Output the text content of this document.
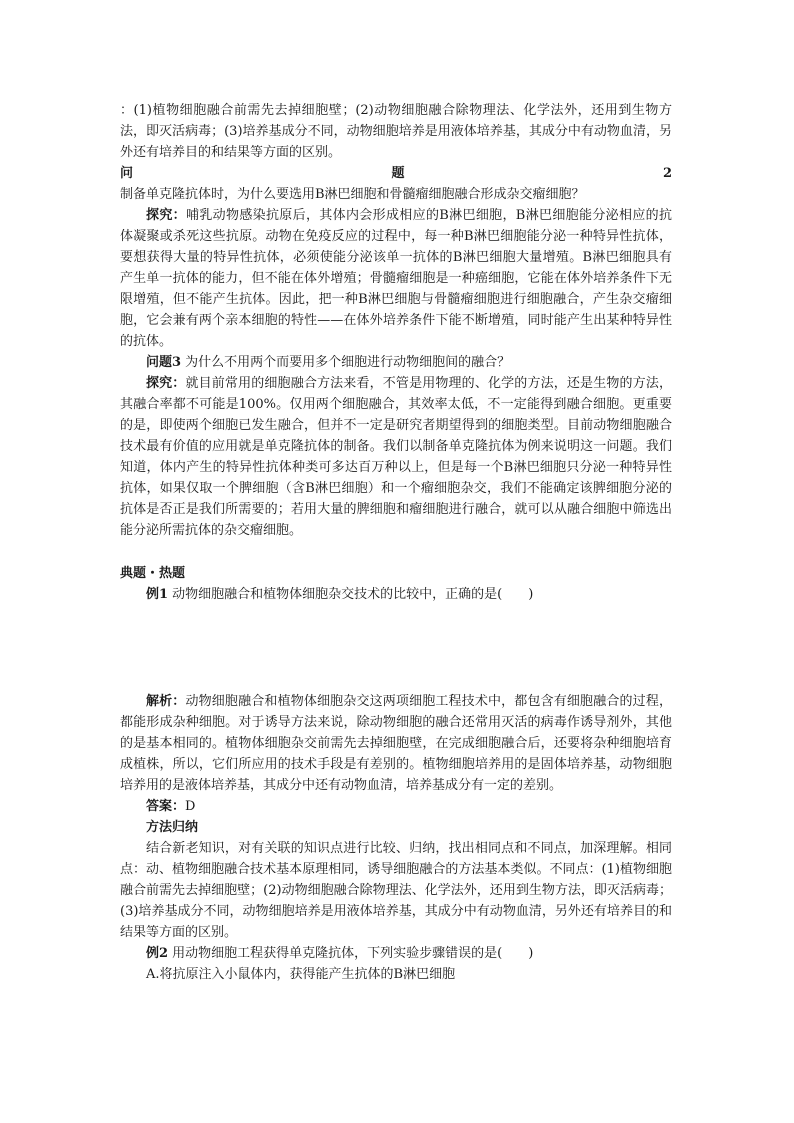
：(1)植物细胞融合前需先去掉细胞壁；(2)动物细胞融合除物理法、化学法外，还用到生物方法，即灭活病毒；(3)培养基成分不同，动物细胞培养是用液体培养基，其成分中有动物血清，另外还有培养目的和结果等方面的区别。

问	题	2

制备单克隆抗体时，为什么要选用B淋巴细胞和骨髓瘤细胞融合形成杂交瘤细胞？

探究：哺乳动物感染抗原后，其体内会形成相应的B淋巴细胞，B淋巴细胞能分泌相应的抗体凝聚或杀死这些抗原。动物在免疫反应的过程中，每一种B淋巴细胞能分泌一种特异性抗体，要想获得大量的特异性抗体，必须使能分泌该单一抗体的B淋巴细胞大量增殖。B淋巴细胞具有产生单一抗体的能力，但不能在体外增殖；骨髓瘤细胞是一种癌细胞，它能在体外培养条件下无限增殖，但不能产生抗体。因此，把一种B淋巴细胞与骨髓瘤细胞进行细胞融合，产生杂交瘤细胞，它会兼有两个亲本细胞的特性——在体外培养条件下能不断增殖，同时能产生出某种特异性的抗体。

问题3 为什么不用两个而要用多个细胞进行动物细胞间的融合？

探究：就目前常用的细胞融合方法来看，不管是用物理的、化学的方法，还是生物的方法，其融合率都不可能是100%。仅用两个细胞融合，其效率太低，不一定能得到融合细胞。更重要的是，即使两个细胞已发生融合，但并不一定是研究者期望得到的细胞类型。目前动物细胞融合技术最有价值的应用就是单克隆抗体的制备。我们以制备单克隆抗体为例来说明这一问题。我们知道，体内产生的特异性抗体种类可多达百万种以上，但是每一个B淋巴细胞只分泌一种特异性抗体，如果仅取一个脾细胞（含B淋巴细胞）和一个瘤细胞杂交，我们不能确定该脾细胞分泌的抗体是否正是我们所需要的；若用大量的脾细胞和瘤细胞进行融合，就可以从融合细胞中筛选出能分泌所需抗体的杂交瘤细胞。

典题・热题

例1 动物细胞融合和植物体细胞杂交技术的比较中，正确的是(　　)

解析：动物细胞融合和植物体细胞杂交这两项细胞工程技术中，都包含有细胞融合的过程，都能形成杂种细胞。对于诱导方法来说，除动物细胞的融合还常用灭活的病毒作诱导剂外，其他的是基本相同的。植物体细胞杂交前需先去掉细胞壁，在完成细胞融合后，还要将杂种细胞培育成植株，所以，它们所应用的技术手段是有差别的。植物细胞培养用的是固体培养基，动物细胞培养用的是液体培养基，其成分中还有动物血清，培养基成分有一定的差别。

答案：D

方法归纳

结合新老知识，对有关联的知识点进行比较、归纳，找出相同点和不同点，加深理解。相同点：动、植物细胞融合技术基本原理相同，诱导细胞融合的方法基本类似。不同点：(1)植物细胞融合前需先去掉细胞壁；(2)动物细胞融合除物理法、化学法外，还用到生物方法，即灭活病毒；(3)培养基成分不同，动物细胞培养是用液体培养基，其成分中有动物血清，另外还有培养目的和结果等方面的区别。

例2 用动物细胞工程获得单克隆抗体，下列实验步骤错误的是(　　)

A.将抗原注入小鼠体内，获得能产生抗体的B淋巴细胞
